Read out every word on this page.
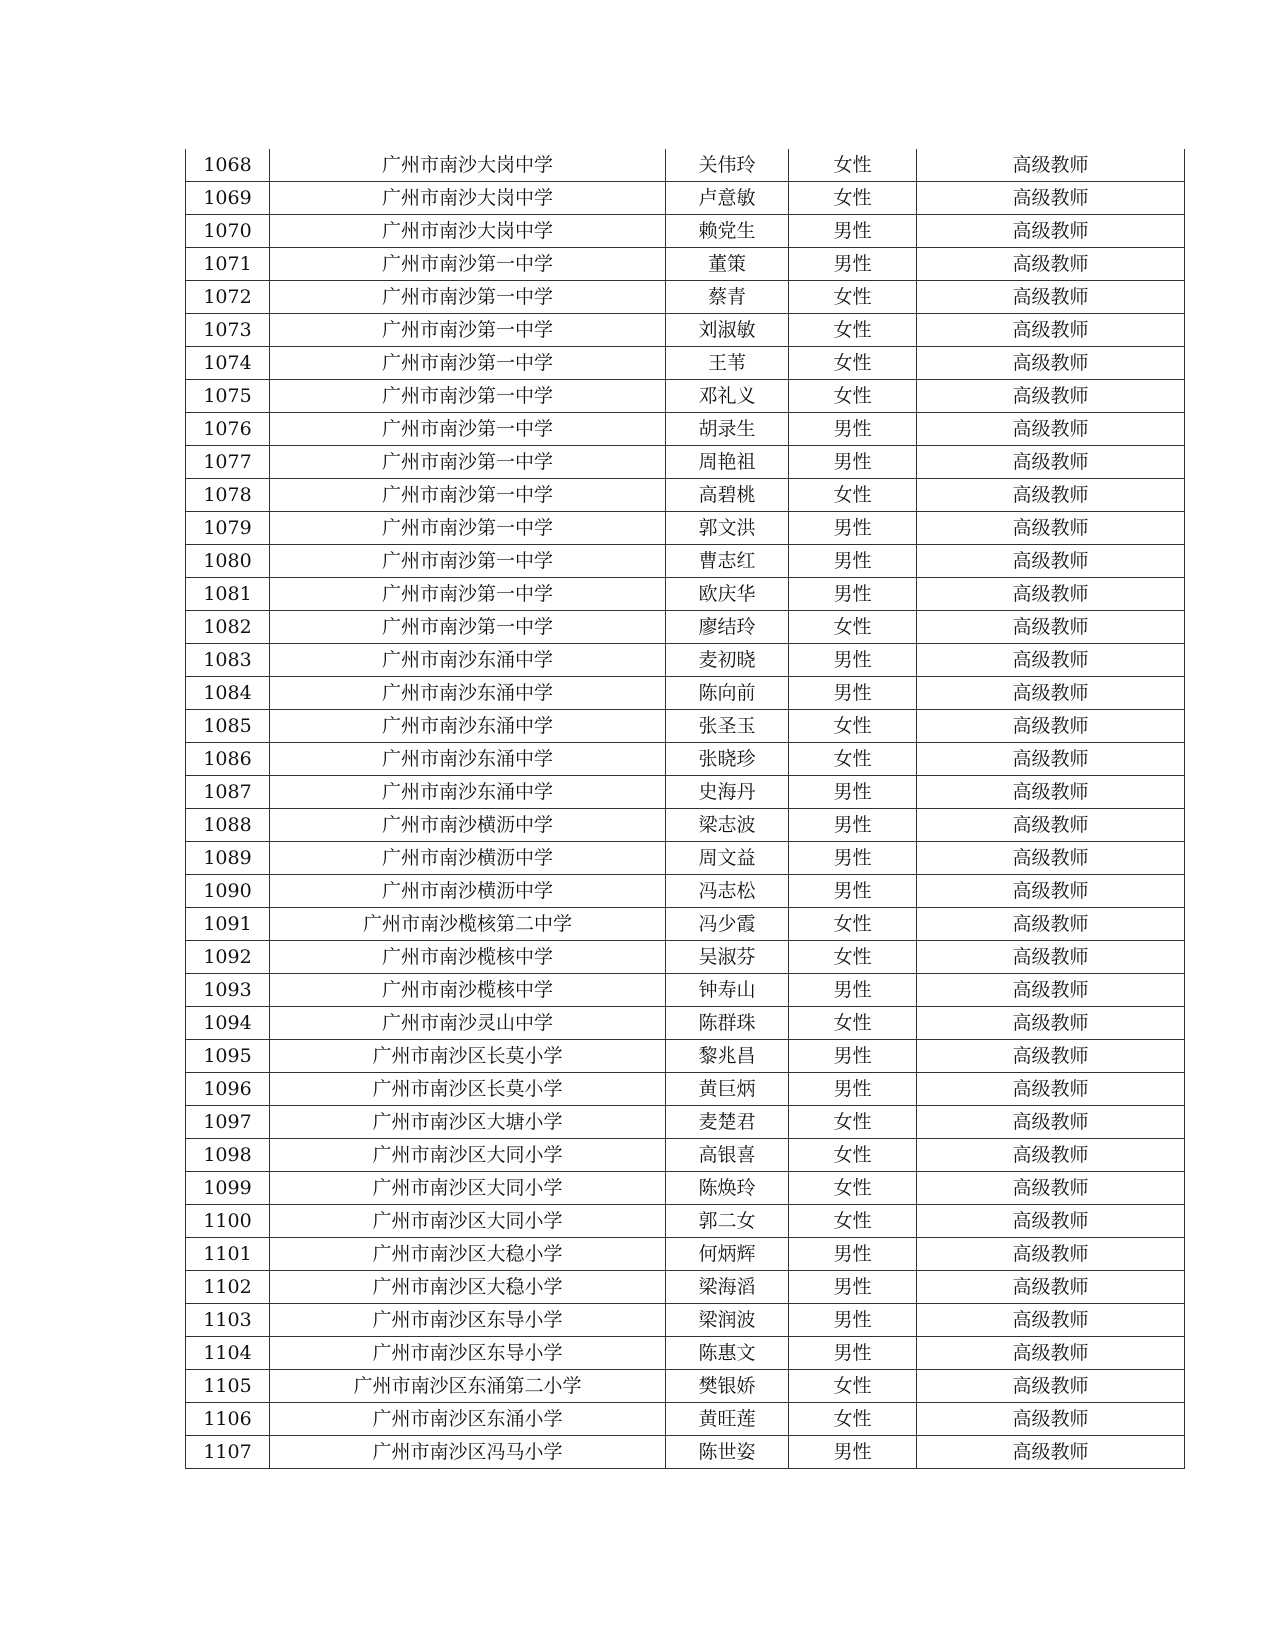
1068	广州市南沙大岗中学	关伟玲	女性	高级教师
1069	广州市南沙大岗中学	卢意敏	女性	高级教师
1070	广州市南沙大岗中学	赖党生	男性	高级教师
1071	广州市南沙第一中学	董策	男性	高级教师
1072	广州市南沙第一中学	蔡青	女性	高级教师
1073	广州市南沙第一中学	刘淑敏	女性	高级教师
1074	广州市南沙第一中学	王苇	女性	高级教师
1075	广州市南沙第一中学	邓礼义	女性	高级教师
1076	广州市南沙第一中学	胡录生	男性	高级教师
1077	广州市南沙第一中学	周艳祖	男性	高级教师
1078	广州市南沙第一中学	高碧桃	女性	高级教师
1079	广州市南沙第一中学	郭文洪	男性	高级教师
1080	广州市南沙第一中学	曹志红	男性	高级教师
1081	广州市南沙第一中学	欧庆华	男性	高级教师
1082	广州市南沙第一中学	廖结玲	女性	高级教师
1083	广州市南沙东涌中学	麦初晓	男性	高级教师
1084	广州市南沙东涌中学	陈向前	男性	高级教师
1085	广州市南沙东涌中学	张圣玉	女性	高级教师
1086	广州市南沙东涌中学	张晓珍	女性	高级教师
1087	广州市南沙东涌中学	史海丹	男性	高级教师
1088	广州市南沙横沥中学	梁志波	男性	高级教师
1089	广州市南沙横沥中学	周文益	男性	高级教师
1090	广州市南沙横沥中学	冯志松	男性	高级教师
1091	广州市南沙榄核第二中学	冯少霞	女性	高级教师
1092	广州市南沙榄核中学	吴淑芬	女性	高级教师
1093	广州市南沙榄核中学	钟寿山	男性	高级教师
1094	广州市南沙灵山中学	陈群珠	女性	高级教师
1095	广州市南沙区长莫小学	黎兆昌	男性	高级教师
1096	广州市南沙区长莫小学	黄巨炳	男性	高级教师
1097	广州市南沙区大塘小学	麦楚君	女性	高级教师
1098	广州市南沙区大同小学	高银喜	女性	高级教师
1099	广州市南沙区大同小学	陈焕玲	女性	高级教师
1100	广州市南沙区大同小学	郭二女	女性	高级教师
1101	广州市南沙区大稳小学	何炳辉	男性	高级教师
1102	广州市南沙区大稳小学	梁海滔	男性	高级教师
1103	广州市南沙区东导小学	梁润波	男性	高级教师
1104	广州市南沙区东导小学	陈惠文	男性	高级教师
1105	广州市南沙区东涌第二小学	樊银娇	女性	高级教师
1106	广州市南沙区东涌小学	黄旺莲	女性	高级教师
1107	广州市南沙区冯马小学	陈世姿	男性	高级教师
